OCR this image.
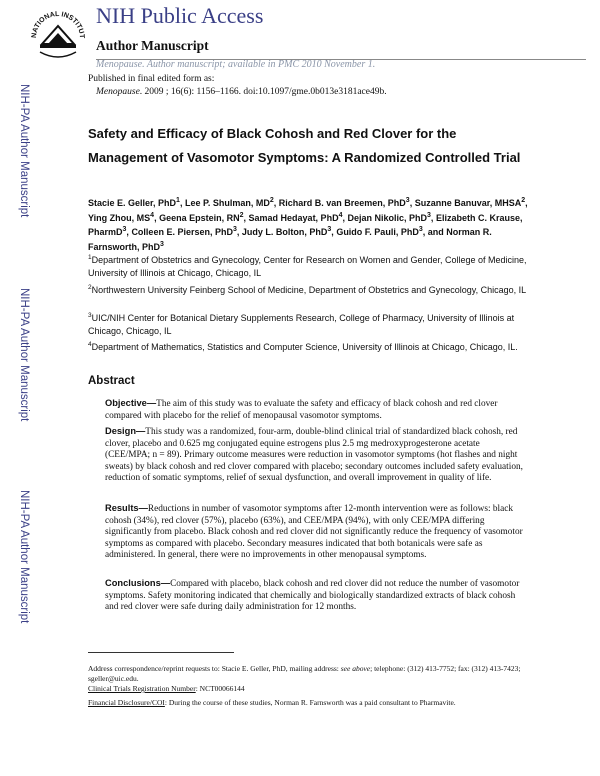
NATIONAL INSTITUT
NIH Public Access
Author Manuscript
Menopause. Author manuscript; available in PMC 2010 November 1.
NIH-PA Author Manuscript
NIH-PA Author Manuscript
NIH-PA Author Manuscript
Published in final edited form as:
Menopause. 2009 ; 16(6): 1156–1166. doi:10.1097/gme.0b013e3181ace49b.
Safety and Efficacy of Black Cohosh and Red Clover for the Management of Vasomotor Symptoms: A Randomized Controlled Trial
Stacie E. Geller, PhD$^1$, Lee P. Shulman, $MD^2$, Richard B. van Breemen, PhD$^3$, Suzanne Banuvar, MHSA$^2$, Ying Zhou, $MS^4$, Geena Epstein, $RN^2$, Samad Hedayat, PhD$^4$, Dejan Nikolic, PhD$^3$, Elizabeth C. Krause, PharmD$^3$, Colleen E. Piersen, PhD$^3$, Judy L. Bolton, PhD$^3$, Guido F. Pauli, PhD$^3$, and Norman R. Farnsworth, PhD$^3$
$^1$Department of Obstetrics and Gynecology, Center for Research on Women and Gender, College of Medicine, University of Illinois at Chicago, Chicago, IL
$^2$Northwestern University Feinberg School of Medicine, Department of Obstetrics and Gynecology, Chicago, IL
$^3$UIC/NIH Center for Botanical Dietary Supplements Research, College of Pharmacy, University of Illinois at Chicago, Chicago, IL
$^4$Department of Mathematics, Statistics and Computer Science, University of Illinois at Chicago, Chicago, IL.
Abstract
Objective—The aim of this study was to evaluate the safety and efficacy of black cohosh and red clover compared with placebo for the relief of menopausal vasomotor symptoms.
Design—This study was a randomized, four-arm, double-blind clinical trial of standardized black cohosh, red clover, placebo and 0.625 mg conjugated equine estrogens plus 2.5 mg medroxyprogesterone acetate (CEE/MPA; n = 89). Primary outcome measures were reduction in vasomotor symptoms (hot flashes and night sweats) by black cohosh and red clover compared with placebo; secondary outcomes included safety evaluation, reduction of somatic symptoms, relief of sexual dysfunction, and overall improvement in quality of life.
Results—Reductions in number of vasomotor symptoms after 12-month intervention were as follows: black cohosh (34%), red clover (57%), placebo (63%), and CEE/MPA (94%), with only CEE/MPA differing significantly from placebo. Black cohosh and red clover did not significantly reduce the frequency of vasomotor symptoms as compared with placebo. Secondary measures indicated that both botanicals were safe as administered. In general, there were no improvements in other menopausal symptoms.
Conclusions—Compared with placebo, black cohosh and red clover did not reduce the number of vasomotor symptoms. Safety monitoring indicated that chemically and biologically standardized extracts of black cohosh and red clover were safe during daily administration for 12 months.
Address correspondence/reprint requests to: Stacie E. Geller, PhD, mailing address: see above; telephone: (312) 413-7752; fax: (312) 413-7423; sgeller@uic.edu.
Clinical Trials Registration Number: NCT00066144
Financial Disclosure/COI: During the course of these studies, Norman R. Farnsworth was a paid consultant to Pharmavite.
